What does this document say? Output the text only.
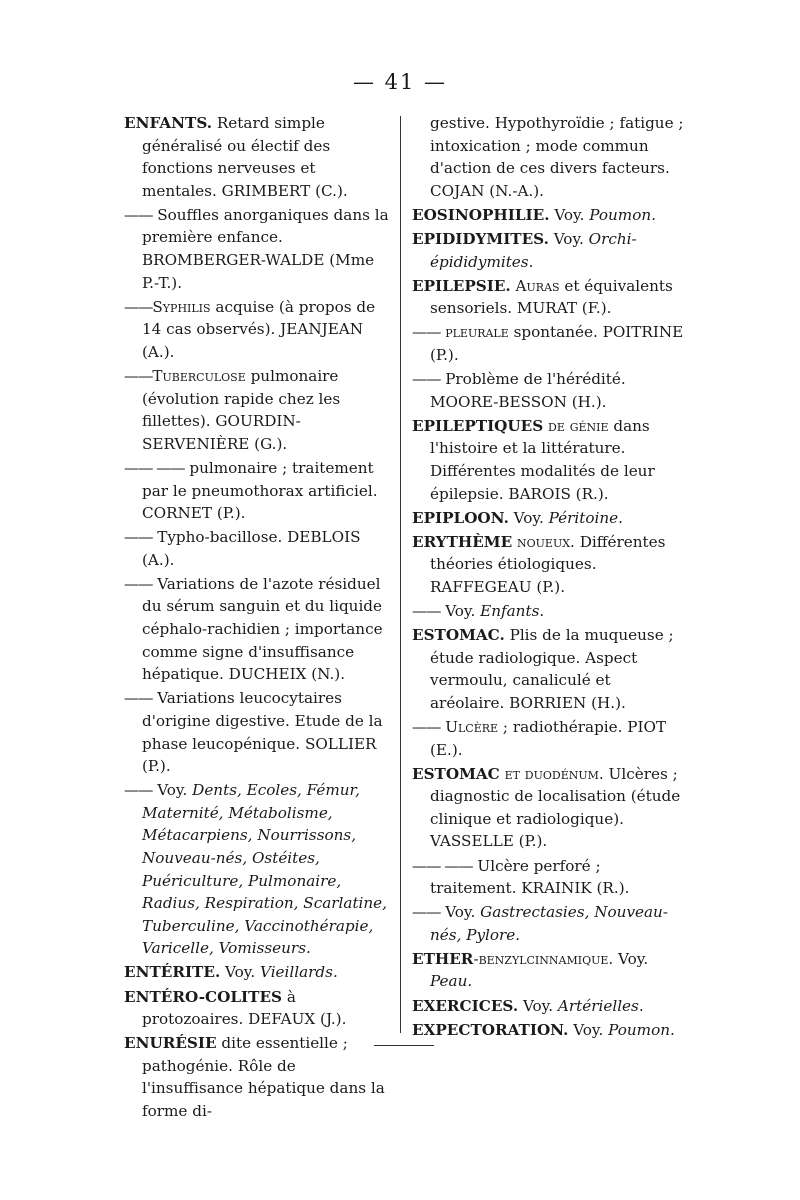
— 41 —

ENFANTS. Retard simple généralisé ou électif des fonctions nerveuses et mentales. GRIMBERT (C.).

—— Souffles anorganiques dans la première enfance. BROMBERGER-WALDE (Mme P.-T.).

——Syphilis acquise (à propos de 14 cas observés). JEANJEAN (A.).

——Tuberculose pulmonaire (évolution rapide chez les fillettes). GOURDIN-SERVENIÈRE (G.).

—— —— pulmonaire ; traitement par le pneumothorax artificiel. CORNET (P.).

—— Typho-bacillose. DEBLOIS (A.).

—— Variations de l'azote résiduel du sérum sanguin et du liquide céphalo-rachidien ; importance comme signe d'insuffisance hépatique. DUCHEIX (N.).

—— Variations leucocytaires d'origine digestive. Etude de la phase leucopénique. SOLLIER (P.).

—— Voy. Dents, Ecoles, Fémur, Maternité, Métabolisme, Métacarpiens, Nourrissons, Nouveau-nés, Ostéites, Puériculture, Pulmonaire, Radius, Respiration, Scarlatine, Tuberculine, Vaccinothérapie, Varicelle, Vomisseurs.

ENTÉRITE. Voy. Vieillards.

ENTÉRO-COLITES à protozoaires. DEFAUX (J.).

ENURÉSIE dite essentielle ; pathogénie. Rôle de l'insuffisance hépatique dans la forme di-

gestive. Hypothyroïdie ; fatigue ; intoxication ; mode commun d'action de ces divers facteurs. COJAN (N.-A.).

EOSINOPHILIE. Voy. Poumon.

EPIDIDYMITES. Voy. Orchi-épididymites.

EPILEPSIE. Auras et équivalents sensoriels. MURAT (F.).

—— pleurale spontanée. POITRINE (P.).

—— Problème de l'hérédité. MOORE-BESSON (H.).

EPILEPTIQUES de génie dans l'histoire et la littérature. Différentes modalités de leur épilepsie. BAROIS (R.).

EPIPLOON. Voy. Péritoine.

ERYTHÈME noueux. Différentes théories étiologiques. RAFFEGEAU (P.).

—— Voy. Enfants.

ESTOMAC. Plis de la muqueuse ; étude radiologique. Aspect vermoulu, canaliculé et aréolaire. BORRIEN (H.).

—— Ulcère ; radiothérapie. PIOT (E.).

ESTOMAC et duodénum. Ulcères ; diagnostic de localisation (étude clinique et radiologique). VASSELLE (P.).

—— —— Ulcère perforé ; traitement. KRAINIK (R.).

—— Voy. Gastrectasies, Nouveau-nés, Pylore.

ETHER-benzylcinnamique. Voy. Peau.

EXERCICES. Voy. Artérielles.

EXPECTORATION. Voy. Poumon.
